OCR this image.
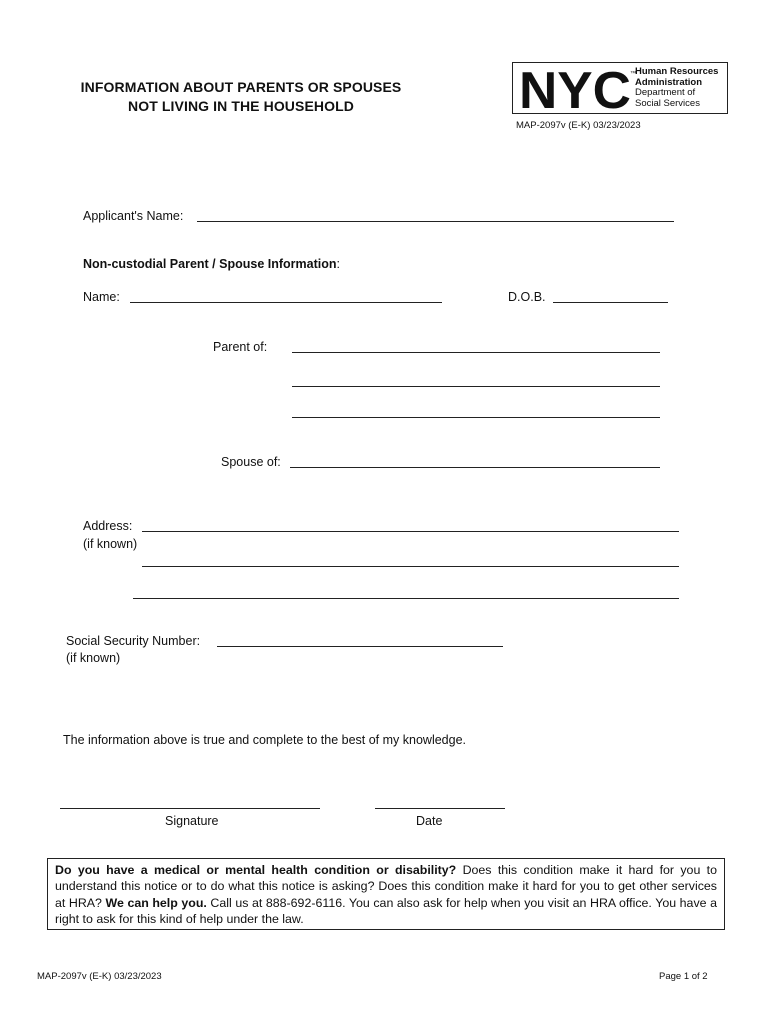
INFORMATION ABOUT PARENTS OR SPOUSES
NOT LIVING IN THE HOUSEHOLD	NYC ™ Human Resources
Administration
Department of
Social Services
MAP-2097v (E-K) 03/23/2023
Applicant's Name:
Non-custodial Parent / Spouse Information:
Name:	D.O.B.
Parent of:
Spouse of:
Address:
(if known)
Social Security Number:
(if known)
The information above is true and complete to the best of my knowledge.
Signature	Date
Do you have a medical or mental health condition or disability? Does this condition make it hard for you to understand this notice or to do what this notice is asking? Does this condition make it hard for you to get other services at HRA? We can help you. Call us at 888-692-6116. You can also ask for help when you visit an HRA office. You have a right to ask for this kind of help under the law.
MAP-2097v (E-K) 03/23/2023	Page 1 of 2
